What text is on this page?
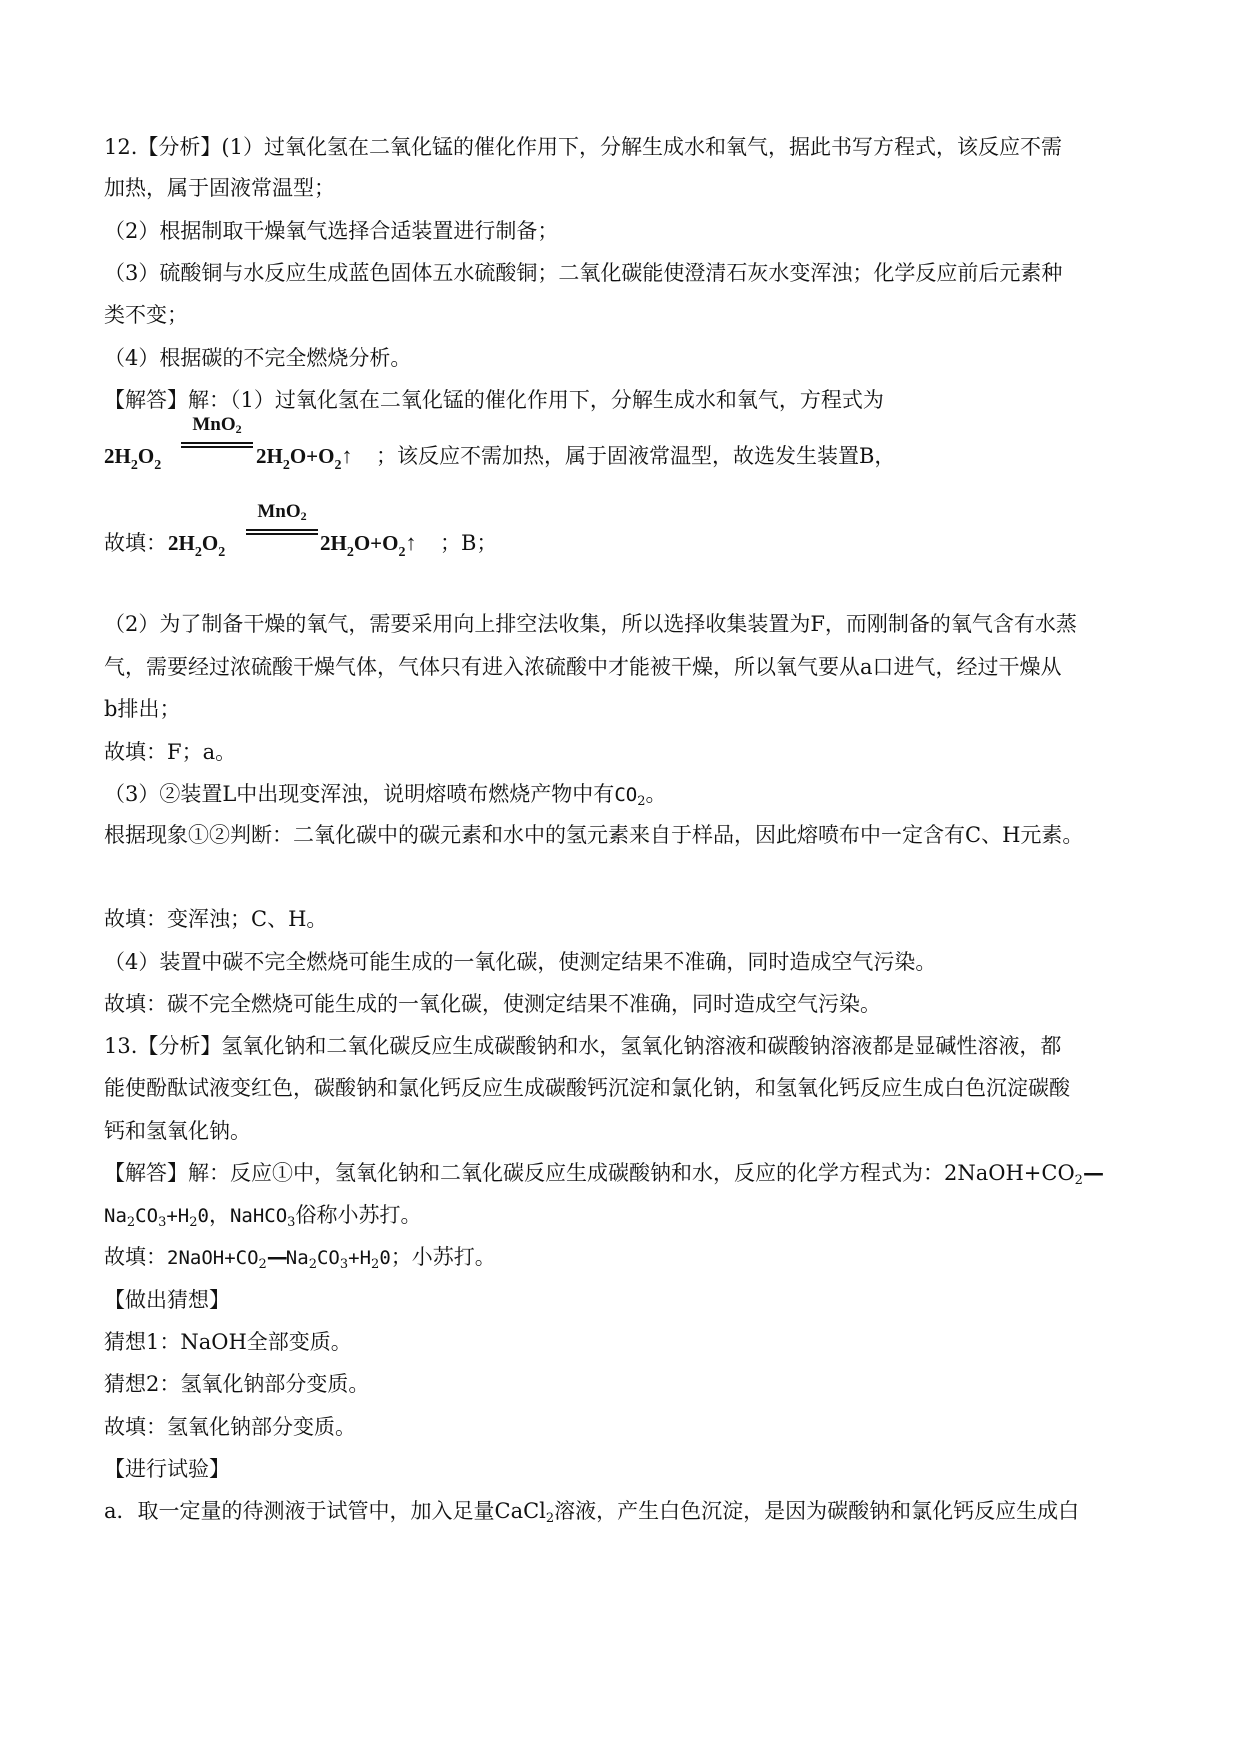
12.【分析】(1）过氧化氢在二氧化锰的催化作用下，分解生成水和氧气，据此书写方程式，该反应不需
加热，属于固液常温型；
（2）根据制取干燥氧气选择合适装置进行制备；
（3）硫酸铜与水反应生成蓝色固体五水硫酸铜；二氧化碳能使澄清石灰水变浑浊；化学反应前后元素种
类不变；
（4）根据碳的不完全燃烧分析。
【解答】解：（1）过氧化氢在二氧化锰的催化作用下，分解生成水和氧气，方程式为
$2H_2O_2$
MnO2
$2H_2O+O_2↑$ ；该反应不需加热，属于固液常温型，故选发生装置B，
故填： $2H_2O_2$
MnO2
$2H_2O+O_2↑$ ；B；
（2）为了制备干燥的氧气，需要采用向上排空法收集，所以选择收集装置为F，而刚制备的氧气含有水蒸
气，需要经过浓硫酸干燥气体，气体只有进入浓硫酸中才能被干燥，所以氧气要从a口进气，经过干燥从
b排出；
故填：F；a。
（3）②装置L中出现变浑浊，说明熔喷布燃烧产物中有$CO_2$。
根据现象①②判断：二氧化碳中的碳元素和水中的氢元素来自于样品，因此熔喷布中一定含有C、H元素。
故填：变浑浊；C、H。
（4）装置中碳不完全燃烧可能生成的一氧化碳，使测定结果不准确，同时造成空气污染。
故填：碳不完全燃烧可能生成的一氧化碳，使测定结果不准确，同时造成空气污染。
13.【分析】氢氧化钠和二氧化碳反应生成碳酸钠和水，氢氧化钠溶液和碳酸钠溶液都是显碱性溶液，都
能使酚酞试液变红色，碳酸钠和氯化钙反应生成碳酸钙沉淀和氯化钠，和氢氧化钙反应生成白色沉淀碳酸
钙和氢氧化钠。
【解答】解：反应①中，氢氧化钠和二氧化碳反应生成碳酸钠和水，反应的化学方程式为：$2NaOH+CO_2—$
$Na_2CO_3+H_20$，NaHCO$_3$俗称小苏打。
故填：$2NaOH+CO_2—Na_2CO_3+H_20$；小苏打。
【做出猜想】
猜想1：NaOH全部变质。
猜想2：氢氧化钠部分变质。
故填：氢氧化钠部分变质。
【进行试验】
a．取一定量的待测液于试管中，加入足量CaCl$_2$溶液，产生白色沉淀，是因为碳酸钠和氯化钙反应生成白
